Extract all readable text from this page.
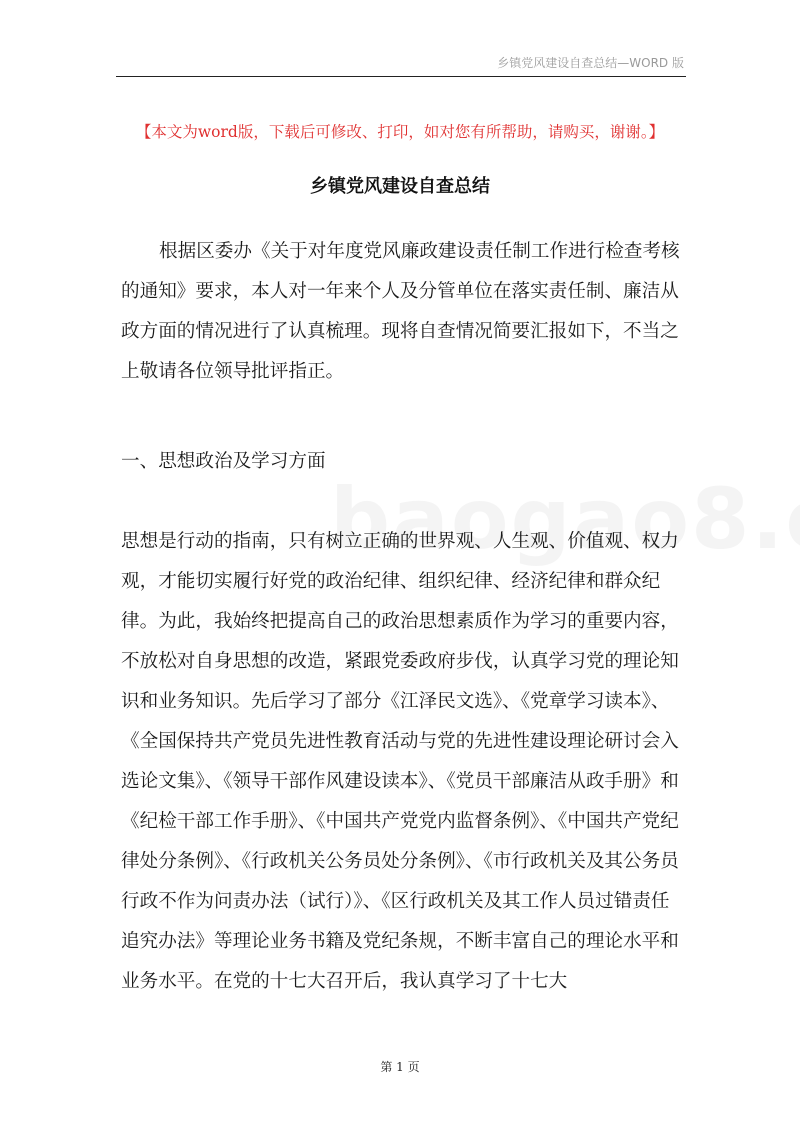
乡镇党风建设自查总结—WORD 版
【本文为word版，下载后可修改、打印，如对您有所帮助，请购买，谢谢。】
乡镇党风建设自查总结

根据区委办《关于对年度党风廉政建设责任制工作进行检查考核的通知》要求，本人对一年来个人及分管单位在落实责任制、廉洁从政方面的情况进行了认真梳理。现将自查情况简要汇报如下，不当之上敬请各位领导批评指正。

一、思想政治及学习方面

思想是行动的指南，只有树立正确的世界观、人生观、价值观、权力观，才能切实履行好党的政治纪律、组织纪律、经济纪律和群众纪律。为此，我始终把提高自己的政治思想素质作为学习的重要内容，不放松对自身思想的改造，紧跟党委政府步伐，认真学习党的理论知识和业务知识。先后学习了部分《江泽民文选》、《党章学习读本》、《全国保持共产党员先进性教育活动与党的先进性建设理论研讨会入选论文集》、《领导干部作风建设读本》、《党员干部廉洁从政手册》和《纪检干部工作手册》、《中国共产党党内监督条例》、《中国共产党纪律处分条例》、《行政机关公务员处分条例》、《市行政机关及其公务员行政不作为问责办法（试行）》、《区行政机关及其工作人员过错责任追究办法》等理论业务书籍及党纪条规，不断丰富自己的理论水平和业务水平。在党的十七大召开后，我认真学习了十七大

第 1 页
